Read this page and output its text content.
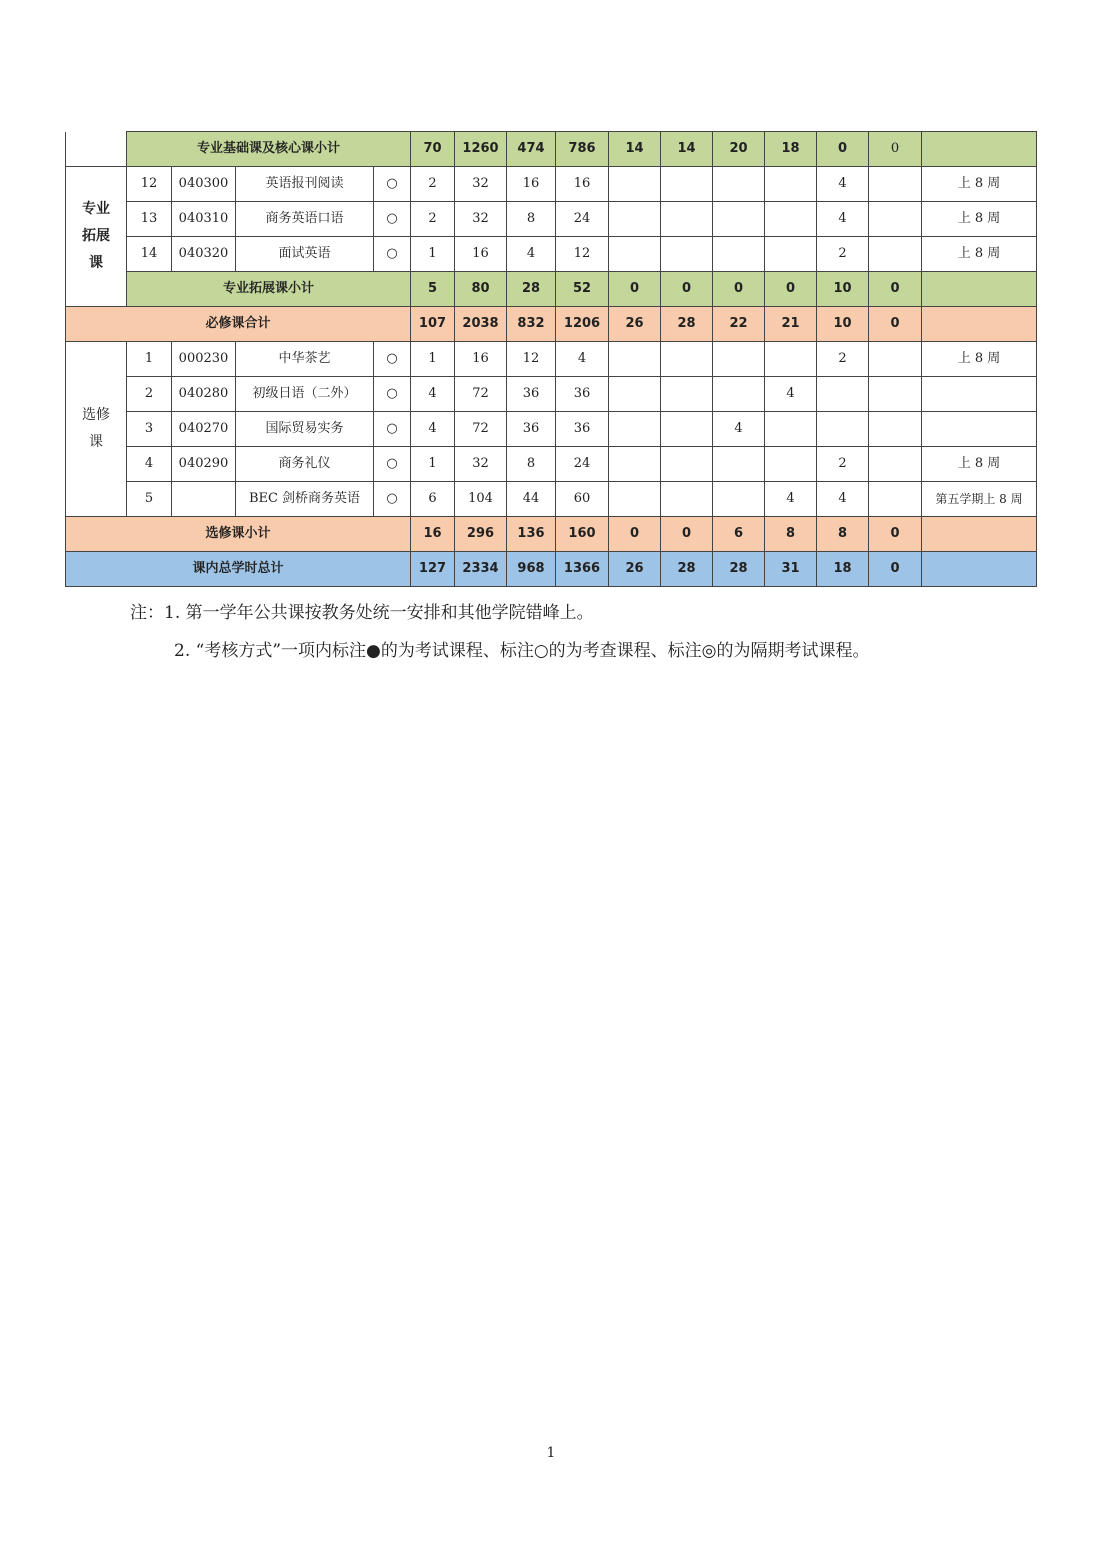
	专业基础课及核心课小计				70	1260	474	786	14	14	20	18	0	0	

专业
拓展
课	12	040300	英语报刊阅读	○	2	32	16	16					4		上 8 周
	13	040310	商务英语口语	○	2	32	8	24					4		上 8 周
	14	040320	面试英语	○	1	16	4	12					2		上 8 周
	专业拓展课小计				5	80	28	52	0	0	0	0	10	0	
必修课合计					107	2038	832	1206	26	28	22	21	10	0	

选修
课	1	000230	中华茶艺	○	1	16	12	4					2		上 8 周
	2	040280	初级日语（二外）	○	4	72	36	36				4			
	3	040270	国际贸易实务	○	4	72	36	36			4				
	4	040290	商务礼仪	○	1	32	8	24					2		上 8 周
	5		BEC 剑桥商务英语	○	6	104	44	60				4	4		第五学期上 8 周
选修课小计					16	296	136	160	0	0	6	8	8	0	
课内总学时总计					127	2334	968	1366	26	28	28	31	18	0	
注：1. 第一学年公共课按教务处统一安排和其他学院错峰上。
2. “考核方式”一项内标注●的为考试课程、标注○的为考查课程、标注◎的为隔期考试课程。
1
